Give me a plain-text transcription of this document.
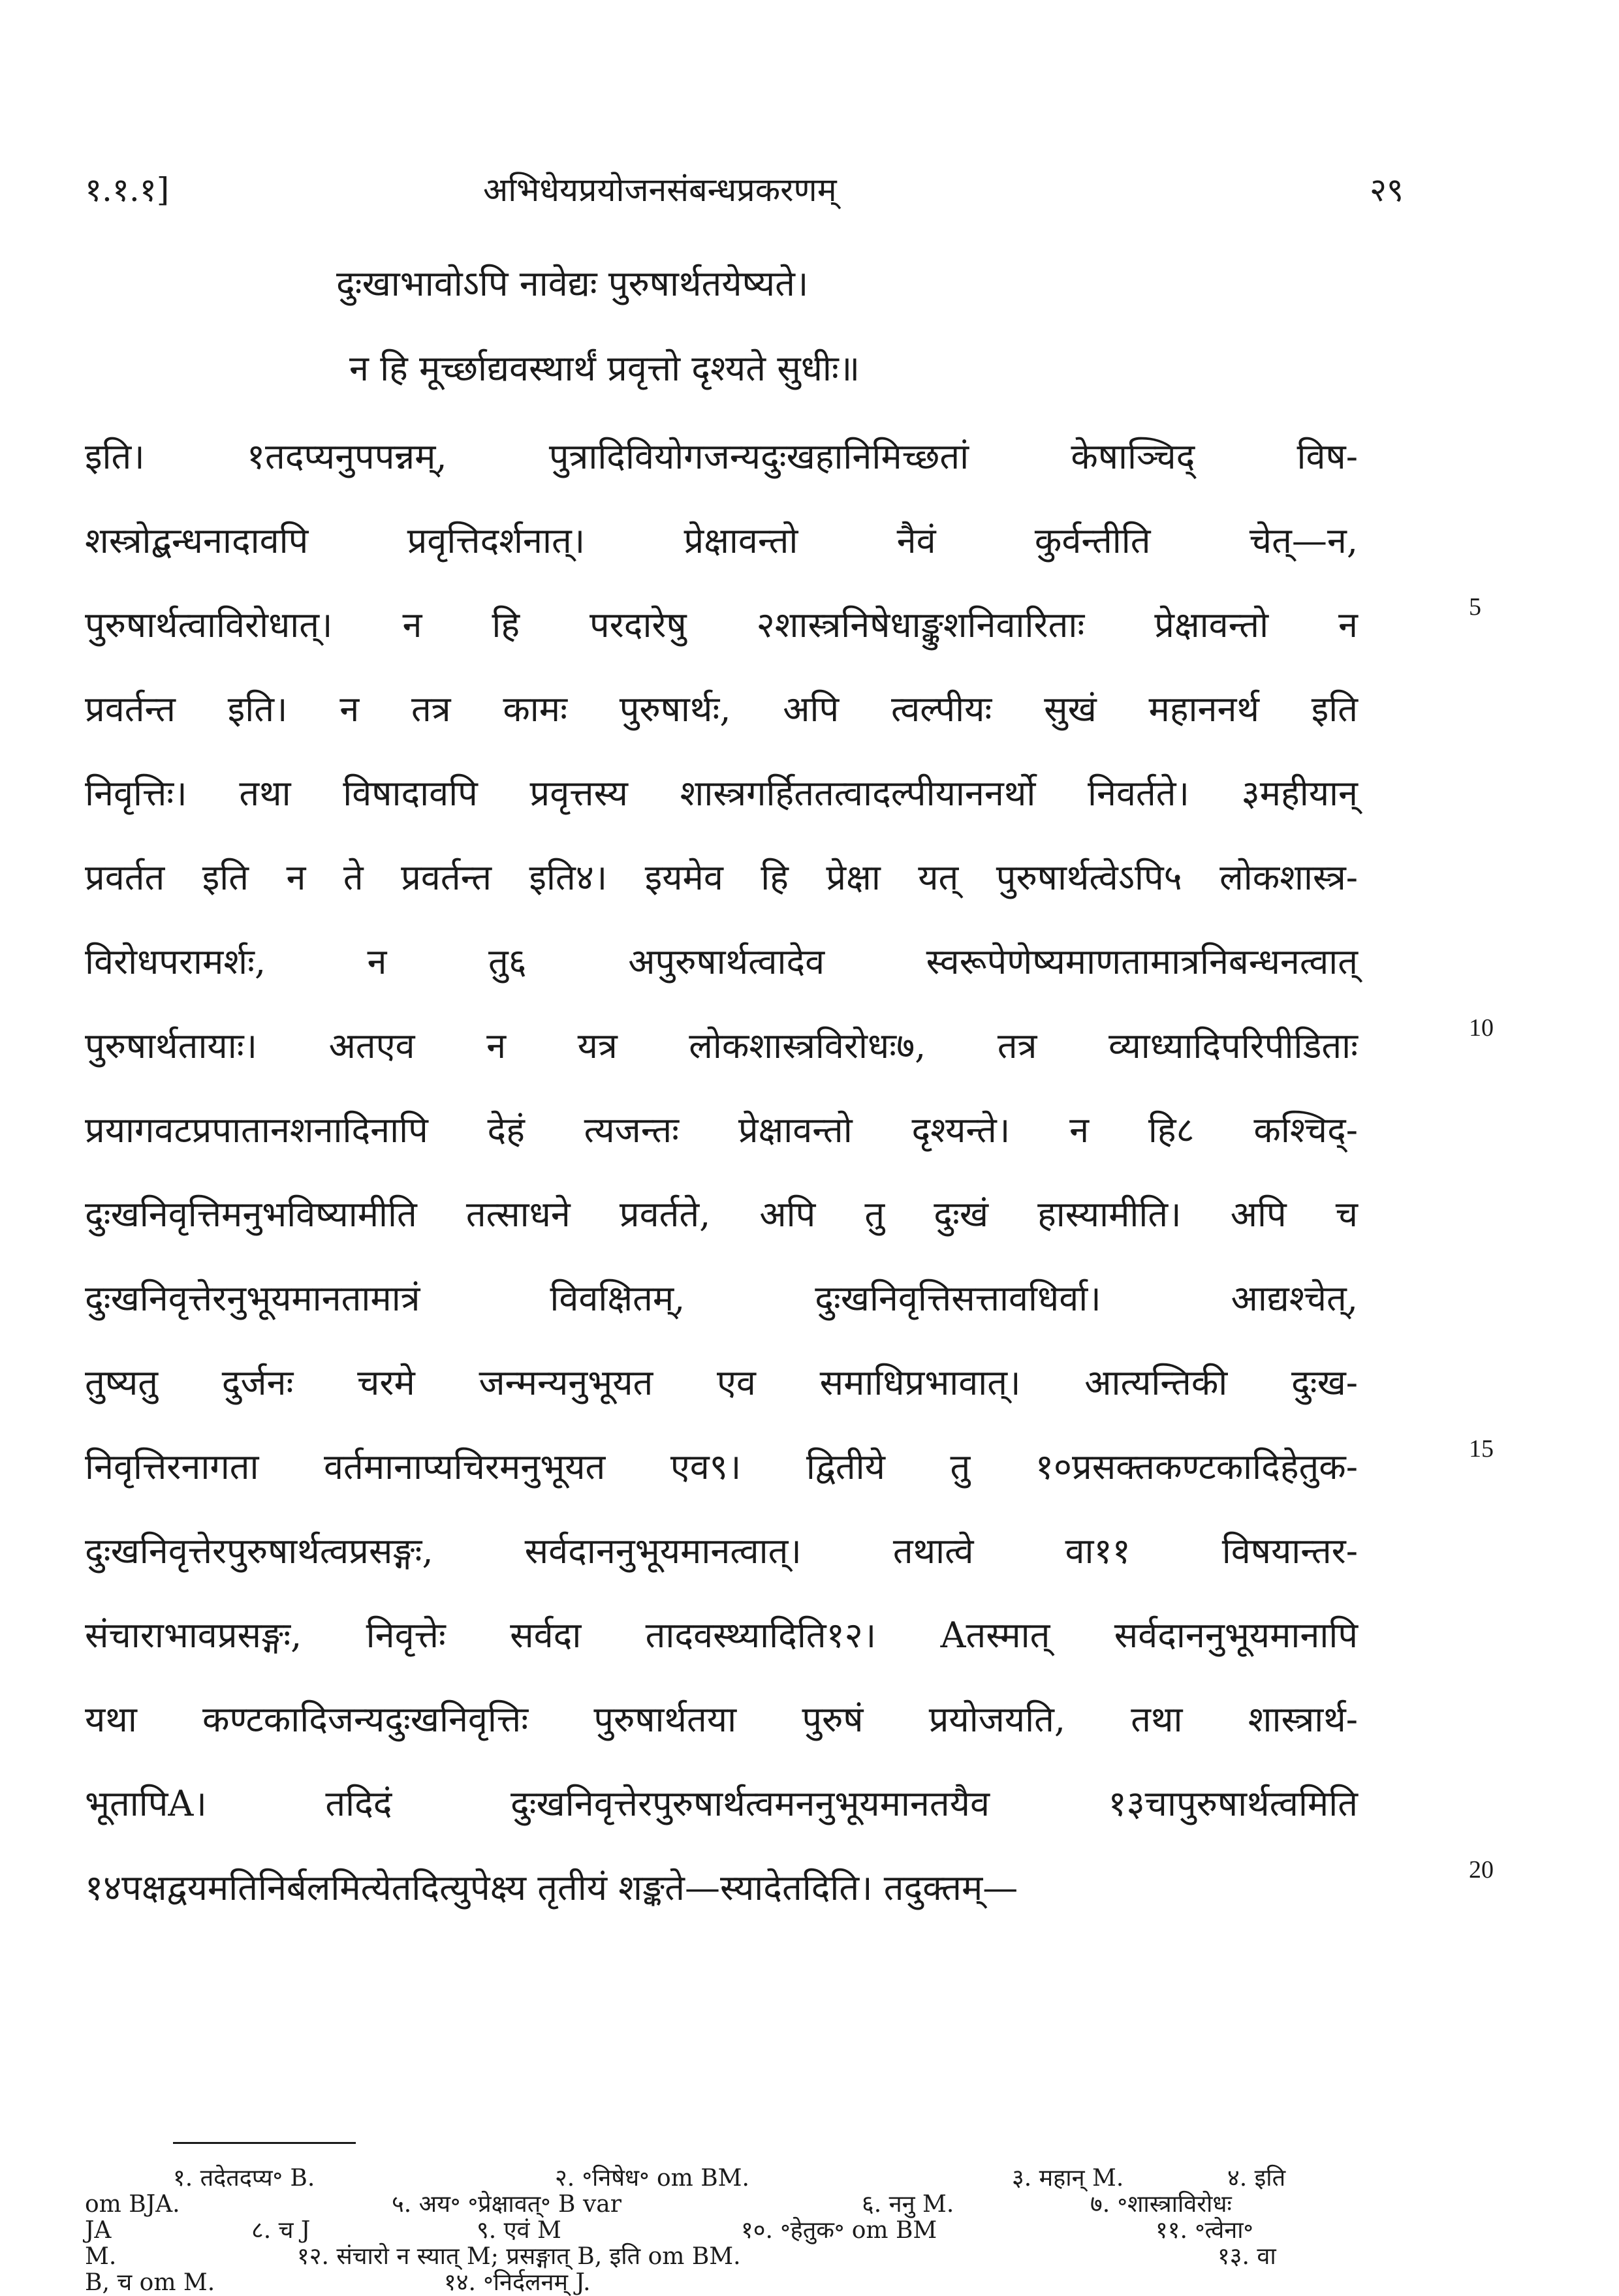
१.१.१]	अभिधेयप्रयोजनसंबन्धप्रकरणम्	२९
दुःखाभावोऽपि नावेद्यः पुरुषार्थतयेष्यते।
न हि मूर्च्छाद्यवस्थार्थं प्रवृत्तो दृश्यते सुधीः॥
इति। १तदप्यनुपपन्नम्, पुत्रादिवियोगजन्यदुःखहानिमिच्छतां केषाञ्चिद् विष-
शस्त्रोद्बन्धनादावपि प्रवृत्तिदर्शनात्। प्रेक्षावन्तो नैवं कुर्वन्तीति चेत्—न,
पुरुषार्थत्वाविरोधात्। न हि परदारेषु २शास्त्रनिषेधाङ्कुशनिवारिताः प्रेक्षावन्तो न
प्रवर्तन्त इति। न तत्र कामः पुरुषार्थः, अपि त्वल्पीयः सुखं महाननर्थ इति
निवृत्तिः। तथा विषादावपि प्रवृत्तस्य शास्त्रगर्हिततत्वादल्पीयाननर्थो निवर्तते। ३महीयान्
प्रवर्तत इति न ते प्रवर्तन्त इति४। इयमेव हि प्रेक्षा यत् पुरुषार्थत्वेऽपि५ लोकशास्त्र-
विरोधपरामर्शः, न तु६ अपुरुषार्थत्वादेव स्वरूपेणेष्यमाणतामात्रनिबन्धनत्वात्
पुरुषार्थतायाः। अतएव न यत्र लोकशास्त्रविरोधः७, तत्र व्याध्यादिपरिपीडिताः
प्रयागवटप्रपातानशनादिनापि देहं त्यजन्तः प्रेक्षावन्तो दृश्यन्ते। न हि८ कश्चिद्-
दुःखनिवृत्तिमनुभविष्यामीति तत्साधने प्रवर्तते, अपि तु दुःखं हास्यामीति। अपि च
दुःखनिवृत्तेरनुभूयमानतामात्रं विवक्षितम्, दुःखनिवृत्तिसत्तावधिर्वा। आद्यश्चेत्,
तुष्यतु दुर्जनः चरमे जन्मन्यनुभूयत एव समाधिप्रभावात्। आत्यन्तिकी दुःख-
निवृत्तिरनागता वर्तमानाप्यचिरमनुभूयत एव९। द्वितीये तु १०प्रसक्तकण्टकादिहेतुक-
दुःखनिवृत्तेरपुरुषार्थत्वप्रसङ्गः, सर्वदाननुभूयमानत्वात्। तथात्वे वा११ विषयान्तर-
संचाराभावप्रसङ्गः, निवृत्तेः सर्वदा तादवस्थ्यादिति१२। Aतस्मात् सर्वदाननुभूयमानापि
यथा कण्टकादिजन्यदुःखनिवृत्तिः पुरुषार्थतया पुरुषं प्रयोजयति, तथा शास्त्रार्थ-
भूतापिA। तदिदं दुःखनिवृत्तेरपुरुषार्थत्वमननुभूयमानतयैव १३चापुरुषार्थत्वमिति
१४पक्षद्वयमतिनिर्बलमित्येतदित्युपेक्ष्य तृतीयं शङ्कते—स्यादेतदिति। तदुक्तम्—
5
10
15
20
१. तदेतदप्य॰ B.	२. ॰निषेध॰ om BM.	३. महान् M.	४. इति
om BJA.	५. अय॰ ॰प्रेक्षावत्॰ B var	६. ननु M.	७. ॰शास्त्राविरोधः
JA	८. च J	९. एवं M	१०. ॰हेतुक॰ om BM	११. ॰त्वेना॰
M.	१२. संचारो न स्यात् M; प्रसङ्गात् B, इति om BM.	१३. वा
B, च om M.	१४. ॰निर्दलनम् J.
